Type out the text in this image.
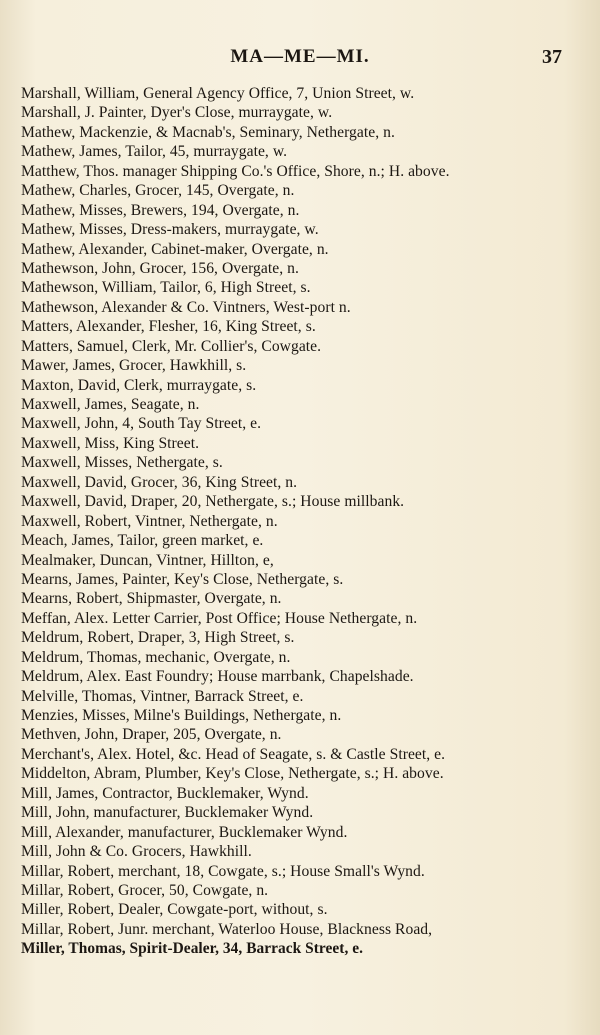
MA—ME—MI.	37
Marshall, William, General Agency Office, 7, Union Street, w.
Marshall, J. Painter, Dyer's Close, murraygate, w.
Mathew, Mackenzie, & Macnab's, Seminary, Nethergate, n.
Mathew, James, Tailor, 45, murraygate, w.
Matthew, Thos. manager Shipping Co.'s Office, Shore, n.; H. above.
Mathew, Charles, Grocer, 145, Overgate, n.
Mathew, Misses, Brewers, 194, Overgate, n.
Mathew, Misses, Dress-makers, murraygate, w.
Mathew, Alexander, Cabinet-maker, Overgate, n.
Mathewson, John, Grocer, 156, Overgate, n.
Mathewson, William, Tailor, 6, High Street, s.
Mathewson, Alexander & Co. Vintners, West-port n.
Matters, Alexander, Flesher, 16, King Street, s.
Matters, Samuel, Clerk, Mr. Collier's, Cowgate.
Mawer, James, Grocer, Hawkhill, s.
Maxton, David, Clerk, murraygate, s.
Maxwell, James, Seagate, n.
Maxwell, John, 4, South Tay Street, e.
Maxwell, Miss, King Street.
Maxwell, Misses, Nethergate, s.
Maxwell, David, Grocer, 36, King Street, n.
Maxwell, David, Draper, 20, Nethergate, s.; House millbank.
Maxwell, Robert, Vintner, Nethergate, n.
Meach, James, Tailor, green market, e.
Mealmaker, Duncan, Vintner, Hillton, e,
Mearns, James, Painter, Key's Close, Nethergate, s.
Mearns, Robert, Shipmaster, Overgate, n.
Meffan, Alex. Letter Carrier, Post Office; House Nethergate, n.
Meldrum, Robert, Draper, 3, High Street, s.
Meldrum, Thomas, mechanic, Overgate, n.
Meldrum, Alex. East Foundry; House marrbank, Chapelshade.
Melville, Thomas, Vintner, Barrack Street, e.
Menzies, Misses, Milne's Buildings, Nethergate, n.
Methven, John, Draper, 205, Overgate, n.
Merchant's, Alex. Hotel, &c. Head of Seagate, s. & Castle Street, e.
Middelton, Abram, Plumber, Key's Close, Nethergate, s.; H. above.
Mill, James, Contractor, Bucklemaker, Wynd.
Mill, John, manufacturer, Bucklemaker Wynd.
Mill, Alexander, manufacturer, Bucklemaker Wynd.
Mill, John & Co. Grocers, Hawkhill.
Millar, Robert, merchant, 18, Cowgate, s.; House Small's Wynd.
Millar, Robert, Grocer, 50, Cowgate, n.
Miller, Robert, Dealer, Cowgate-port, without, s.
Millar, Robert, Junr. merchant, Waterloo House, Blackness Road,
Miller, Thomas, Spirit-Dealer, 34, Barrack Street, e.
